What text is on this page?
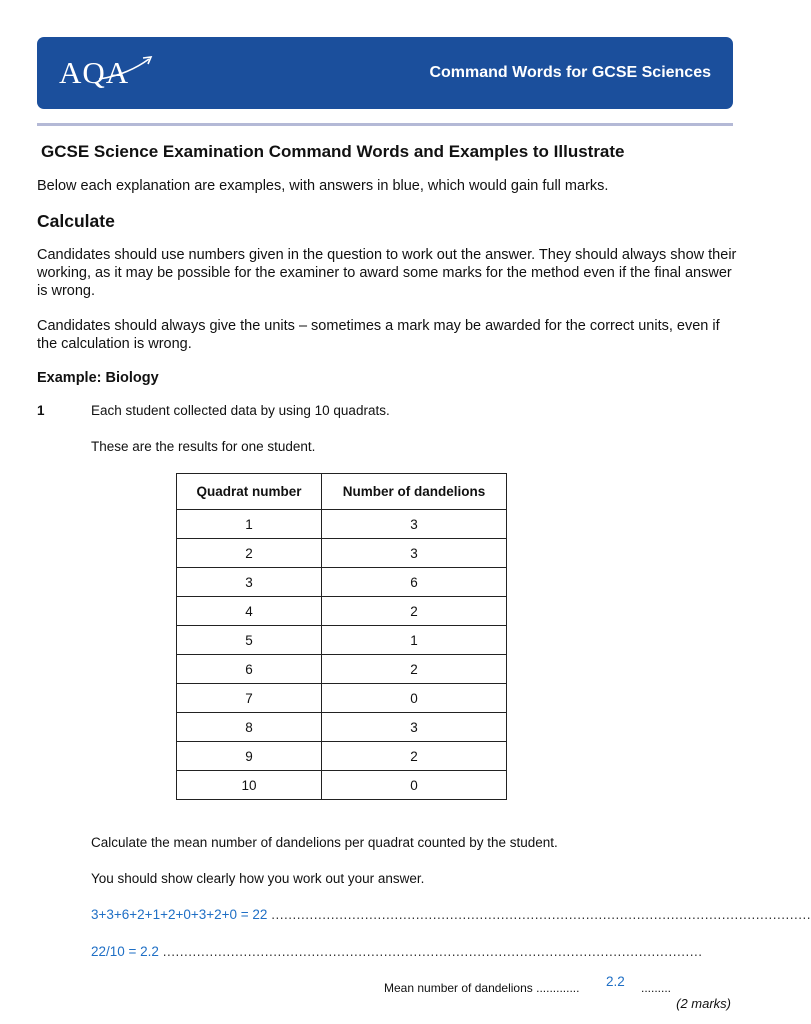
AQA	Command Words for GCSE Sciences
GCSE Science Examination Command Words and Examples to Illustrate
Below each explanation are examples, with answers in blue, which would gain full marks.
Calculate
Candidates should use numbers given in the question to work out the answer. They should always show their working, as it may be possible for the examiner to award some marks for the method even if the final answer is wrong.
Candidates should always give the units – sometimes a mark may be awarded for the correct units, even if the calculation is wrong.
Example: Biology
1	Each student collected data by using 10 quadrats.
These are the results for one student.
Quadrat number	Number of dandelions
1	3
2	3
3	6
4	2
5	1
6	2
7	0
8	3
9	2
10	0
Calculate the mean number of dandelions per quadrat counted by the student.
You should show clearly how you work out your answer.
3+3+6+2+1+2+0+3+2+0 = 22 ...............................................................................................................................
22/10 = 2.2 ...............................................................................................................................
Mean number of dandelions ............. 2.2 .........
(2 marks)
